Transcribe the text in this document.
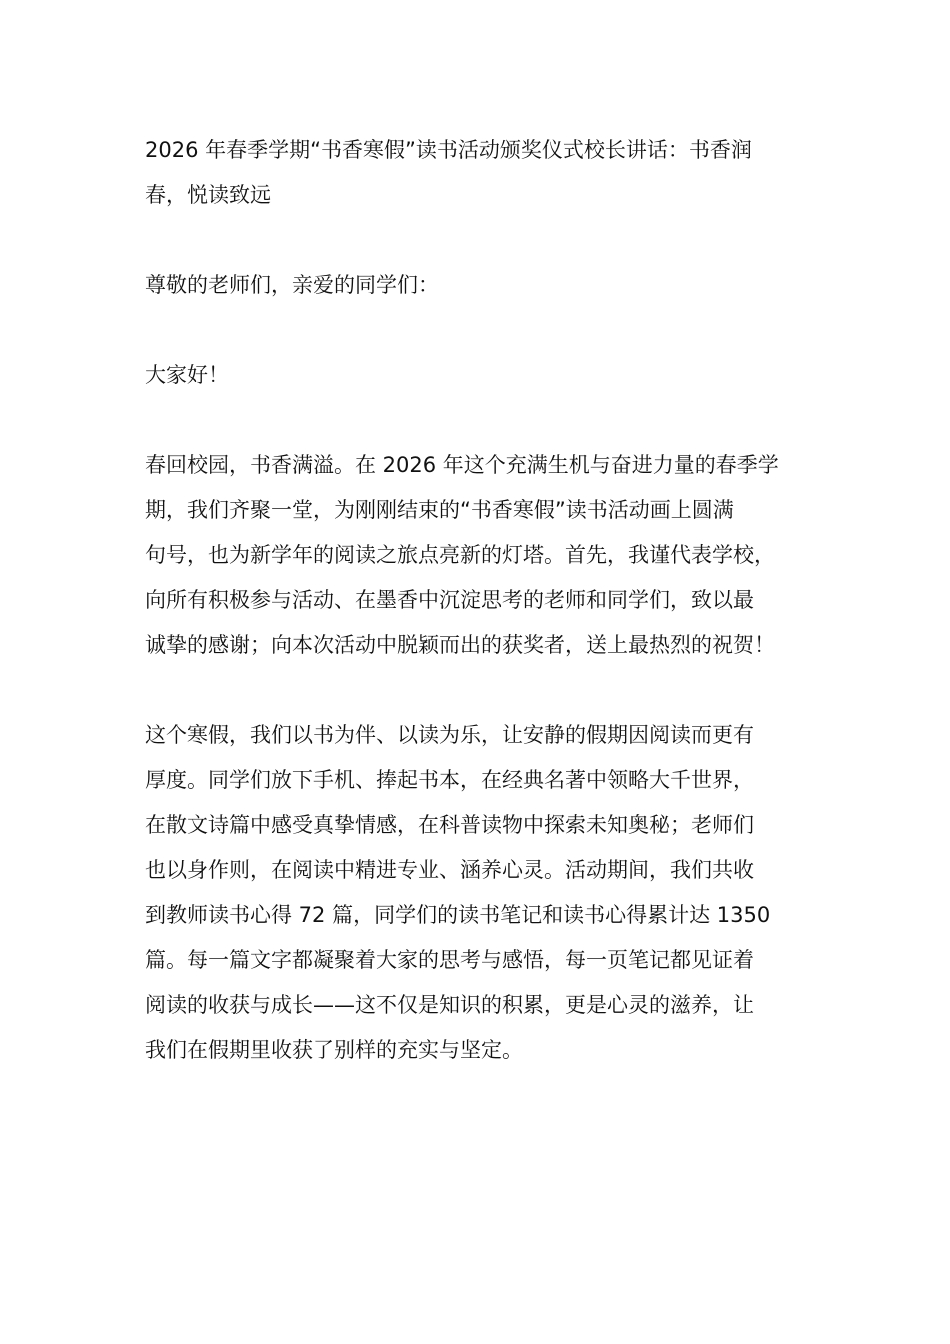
2026 年春季学期“书香寒假”读书活动颁奖仪式校长讲话：书香润
春，悦读致远

尊敬的老师们，亲爱的同学们：

大家好！

春回校园，书香满溢。在 2026 年这个充满生机与奋进力量的春季学
期，我们齐聚一堂，为刚刚结束的“书香寒假”读书活动画上圆满
句号，也为新学年的阅读之旅点亮新的灯塔。首先，我谨代表学校，
向所有积极参与活动、在墨香中沉淀思考的老师和同学们，致以最
诚挚的感谢；向本次活动中脱颖而出的获奖者，送上最热烈的祝贺！

这个寒假，我们以书为伴、以读为乐，让安静的假期因阅读而更有
厚度。同学们放下手机、捧起书本，在经典名著中领略大千世界，
在散文诗篇中感受真挚情感，在科普读物中探索未知奥秘；老师们
也以身作则，在阅读中精进专业、涵养心灵。活动期间，我们共收
到教师读书心得 72 篇，同学们的读书笔记和读书心得累计达 1350
篇。每一篇文字都凝聚着大家的思考与感悟，每一页笔记都见证着
阅读的收获与成长——这不仅是知识的积累，更是心灵的滋养，让
我们在假期里收获了别样的充实与坚定。
